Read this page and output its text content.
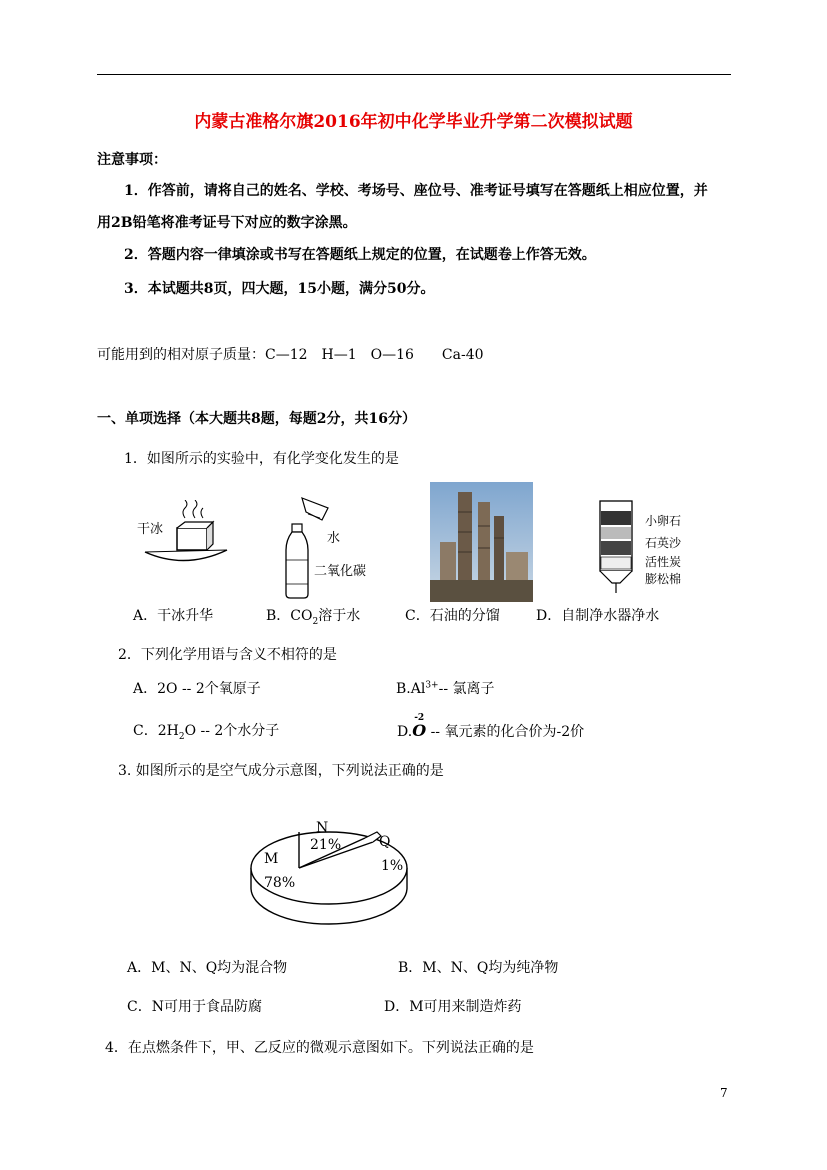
内蒙古准格尔旗2016年初中化学毕业升学第二次模拟试题
注意事项：
1．作答前，请将自己的姓名、学校、考场号、座位号、准考证号填写在答题纸上相应位置，并
用2B铅笔将准考证号下对应的数字涂黑。
2．答题内容一律填涂或书写在答题纸上规定的位置，在试题卷上作答无效。
3．本试题共8页，四大题，15小题，满分50分。
可能用到的相对原子质量：C—12　H—1　O—16　　Ca-40
一、单项选择（本大题共8题，每题2分，共16分）
1．如图所示的实验中，有化学变化发生的是
干冰
水
二氧化碳
小卵石
石英沙
活性炭
膨松棉
A．干冰升华	B．$CO_2$溶于水	C．石油的分馏	D．自制净水器净水
2．下列化学用语与含义不相符的是
A．2O -- 2个氧原子	$B.Al^{3+}--$ 氯离子
C．$2H_2O -- 2$个水分子	D.
-2
O -- 氧元素的化合价为-2价
3. 如图所示的是空气成分示意图，下列说法正确的是
N
21%	Q
1%
M
78%
A．M、N、Q均为混合物	B．M、N、Q均为纯净物
C．N可用于食品防腐	D．M可用来制造炸药
4．在点燃条件下，甲、乙反应的微观示意图如下。下列说法正确的是
7
